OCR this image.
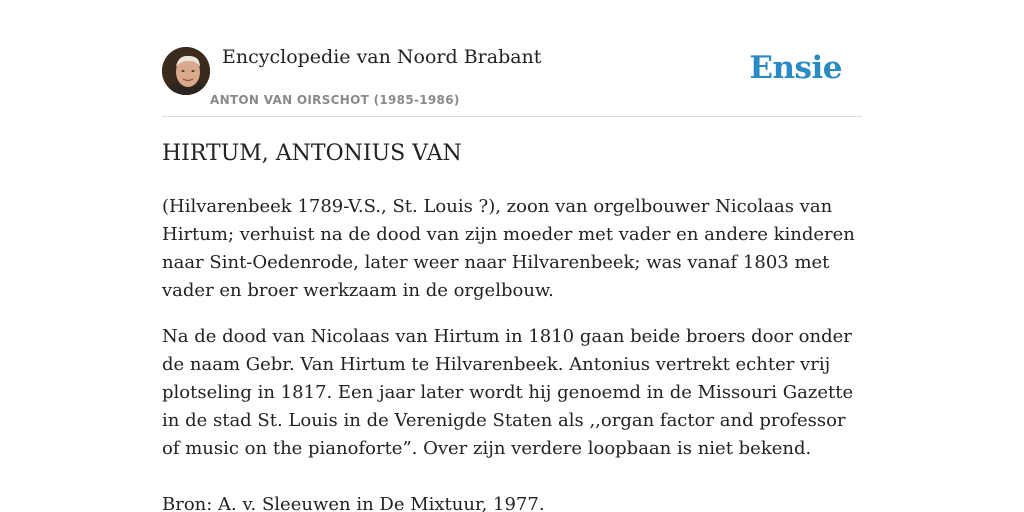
Encyclopedie van Noord Brabant
ANTON VAN OIRSCHOT (1985-1986)
Ensie
HIRTUM, ANTONIUS VAN

(Hilvarenbeek 1789-V.S., St. Louis ?), zoon van orgelbouwer Nicolaas van Hirtum; verhuist na de dood van zijn moeder met vader en andere kinderen naar Sint-Oedenrode, later weer naar Hilvarenbeek; was vanaf 1803 met vader en broer werkzaam in de orgelbouw.

Na de dood van Nicolaas van Hirtum in 1810 gaan beide broers door onder de naam Gebr. Van Hirtum te Hilvarenbeek. Antonius vertrekt echter vrij plotseling in 1817. Een jaar later wordt hij genoemd in de Missouri Gazette in de stad St. Louis in de Verenigde Staten als ,,organ factor and professor of music on the pianoforte”. Over zijn verdere loopbaan is niet bekend.

Bron: A. v. Sleeuwen in De Mixtuur, 1977.
